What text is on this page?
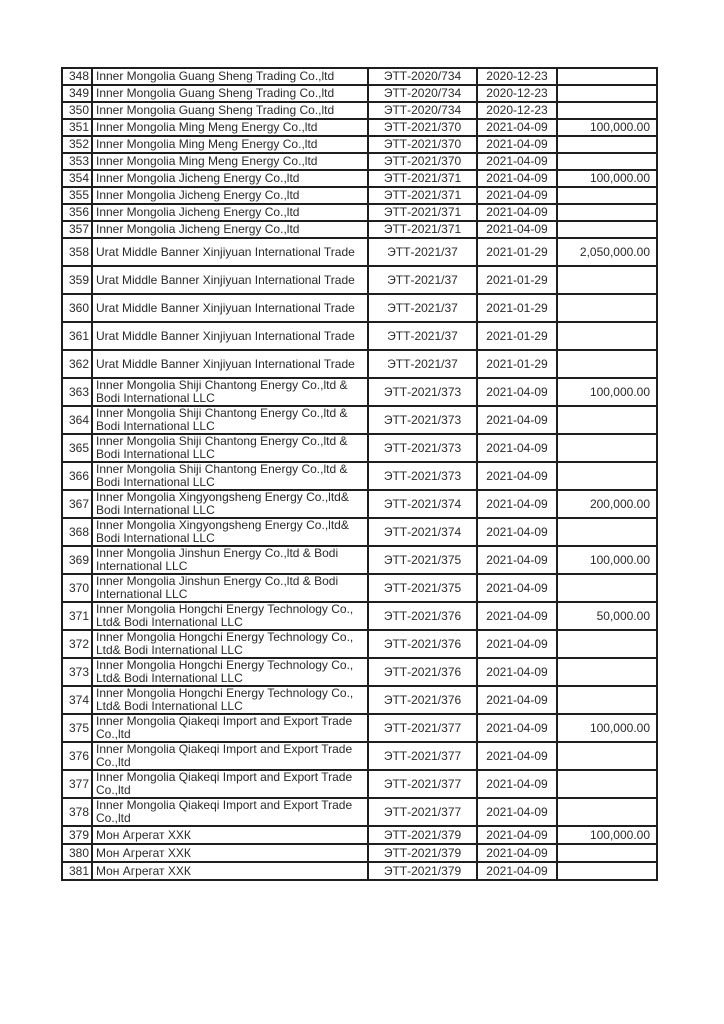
348	Inner Mongolia Guang Sheng Trading Co.,ltd	ЭТТ-2020/734	2020-12-23	
349	Inner Mongolia Guang Sheng Trading Co.,ltd	ЭТТ-2020/734	2020-12-23	
350	Inner Mongolia Guang Sheng Trading Co.,ltd	ЭТТ-2020/734	2020-12-23	
351	Inner Mongolia Ming Meng Energy Co.,ltd	ЭТТ-2021/370	2021-04-09	100,000.00
352	Inner Mongolia Ming Meng Energy Co.,ltd	ЭТТ-2021/370	2021-04-09	
353	Inner Mongolia Ming Meng Energy Co.,ltd	ЭТТ-2021/370	2021-04-09	
354	Inner Mongolia Jicheng Energy Co.,ltd	ЭТТ-2021/371	2021-04-09	100,000.00
355	Inner Mongolia Jicheng Energy Co.,ltd	ЭТТ-2021/371	2021-04-09	
356	Inner Mongolia Jicheng Energy Co.,ltd	ЭТТ-2021/371	2021-04-09	
357	Inner Mongolia Jicheng Energy Co.,ltd	ЭТТ-2021/371	2021-04-09	
358	Urat Middle Banner Xinjiyuan International Trade	ЭТТ-2021/37	2021-01-29	2,050,000.00
359	Urat Middle Banner Xinjiyuan International Trade	ЭТТ-2021/37	2021-01-29	
360	Urat Middle Banner Xinjiyuan International Trade	ЭТТ-2021/37	2021-01-29	
361	Urat Middle Banner Xinjiyuan International Trade	ЭТТ-2021/37	2021-01-29	
362	Urat Middle Banner Xinjiyuan International Trade	ЭТТ-2021/37	2021-01-29	
363	Inner Mongolia Shiji Chantong Energy Co.,ltd &
Bodi International LLC	ЭТТ-2021/373	2021-04-09	100,000.00
364	Inner Mongolia Shiji Chantong Energy Co.,ltd &
Bodi International LLC	ЭТТ-2021/373	2021-04-09	
365	Inner Mongolia Shiji Chantong Energy Co.,ltd &
Bodi International LLC	ЭТТ-2021/373	2021-04-09	
366	Inner Mongolia Shiji Chantong Energy Co.,ltd &
Bodi International LLC	ЭТТ-2021/373	2021-04-09	
367	Inner Mongolia Xingyongsheng Energy Co.,ltd&
Bodi International LLC	ЭТТ-2021/374	2021-04-09	200,000.00
368	Inner Mongolia Xingyongsheng Energy Co.,ltd&
Bodi International LLC	ЭТТ-2021/374	2021-04-09	
369	Inner Mongolia Jinshun Energy Co.,ltd & Bodi
International LLC	ЭТТ-2021/375	2021-04-09	100,000.00
370	Inner Mongolia Jinshun Energy Co.,ltd & Bodi
International LLC	ЭТТ-2021/375	2021-04-09	
371	Inner Mongolia Hongchi Energy Technology Co.,
Ltd& Bodi International LLC	ЭТТ-2021/376	2021-04-09	50,000.00
372	Inner Mongolia Hongchi Energy Technology Co.,
Ltd& Bodi International LLC	ЭТТ-2021/376	2021-04-09	
373	Inner Mongolia Hongchi Energy Technology Co.,
Ltd& Bodi International LLC	ЭТТ-2021/376	2021-04-09	
374	Inner Mongolia Hongchi Energy Technology Co.,
Ltd& Bodi International LLC	ЭТТ-2021/376	2021-04-09	
375	Inner Mongolia Qiakeqi Import and Export Trade
Co.,ltd	ЭТТ-2021/377	2021-04-09	100,000.00
376	Inner Mongolia Qiakeqi Import and Export Trade
Co.,ltd	ЭТТ-2021/377	2021-04-09	
377	Inner Mongolia Qiakeqi Import and Export Trade
Co.,ltd	ЭТТ-2021/377	2021-04-09	
378	Inner Mongolia Qiakeqi Import and Export Trade
Co.,ltd	ЭТТ-2021/377	2021-04-09	
379	Мон Агрегат ХХК	ЭТТ-2021/379	2021-04-09	100,000.00
380	Мон Агрегат ХХК	ЭТТ-2021/379	2021-04-09	
381	Мон Агрегат ХХК	ЭТТ-2021/379	2021-04-09	
